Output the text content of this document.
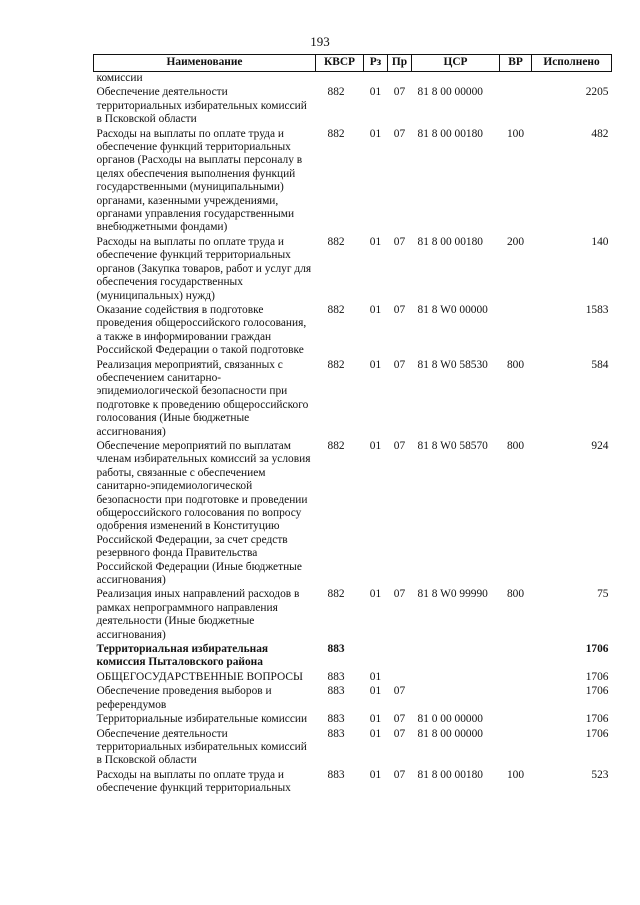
193
Наименование	КВСР	Рз	Пр	ЦСР	ВР	Исполнено
комиссии						
Обеспечение деятельности территориальных избирательных комиссий в Псковской области	882	01	07	81 8 00 00000		2205
Расходы на выплаты по оплате труда и обеспечение функций территориальных органов (Расходы на выплаты персоналу в целях обеспечения выполнения функций государственными (муниципальными) органами, казенными учреждениями, органами управления государственными внебюджетными фондами)	882	01	07	81 8 00 00180	100	482
Расходы на выплаты по оплате труда и обеспечение функций территориальных органов (Закупка товаров, работ и услуг для обеспечения государственных (муниципальных) нужд)	882	01	07	81 8 00 00180	200	140
Оказание содействия в подготовке проведения общероссийского голосования, а также в информировании граждан Российской Федерации о такой подготовке	882	01	07	81 8 W0 00000		1583
Реализация мероприятий, связанных с обеспечением санитарно-эпидемиологической безопасности при подготовке к проведению общероссийского голосования (Иные бюджетные ассигнования)	882	01	07	81 8 W0 58530	800	584
Обеспечение мероприятий по выплатам членам избирательных комиссий за условия работы, связанные с обеспечением санитарно-эпидемиологической безопасности при подготовке и проведении общероссийского голосования по вопросу одобрения изменений в Конституцию Российской Федерации, за счет средств резервного фонда Правительства Российской Федерации (Иные бюджетные ассигнования)	882	01	07	81 8 W0 58570	800	924
Реализация иных направлений расходов в рамках непрограммного направления деятельности (Иные бюджетные ассигнования)	882	01	07	81 8 W0 99990	800	75
Территориальная избирательная комиссия Пыталовского района	883					1706
ОБЩЕГОСУДАРСТВЕННЫЕ ВОПРОСЫ	883	01				1706
Обеспечение проведения выборов и референдумов	883	01	07			1706
Территориальные избирательные комиссии	883	01	07	81 0 00 00000		1706
Обеспечение деятельности территориальных избирательных комиссий в Псковской области	883	01	07	81 8 00 00000		1706
Расходы на выплаты по оплате труда и обеспечение функций территориальных	883	01	07	81 8 00 00180	100	523
